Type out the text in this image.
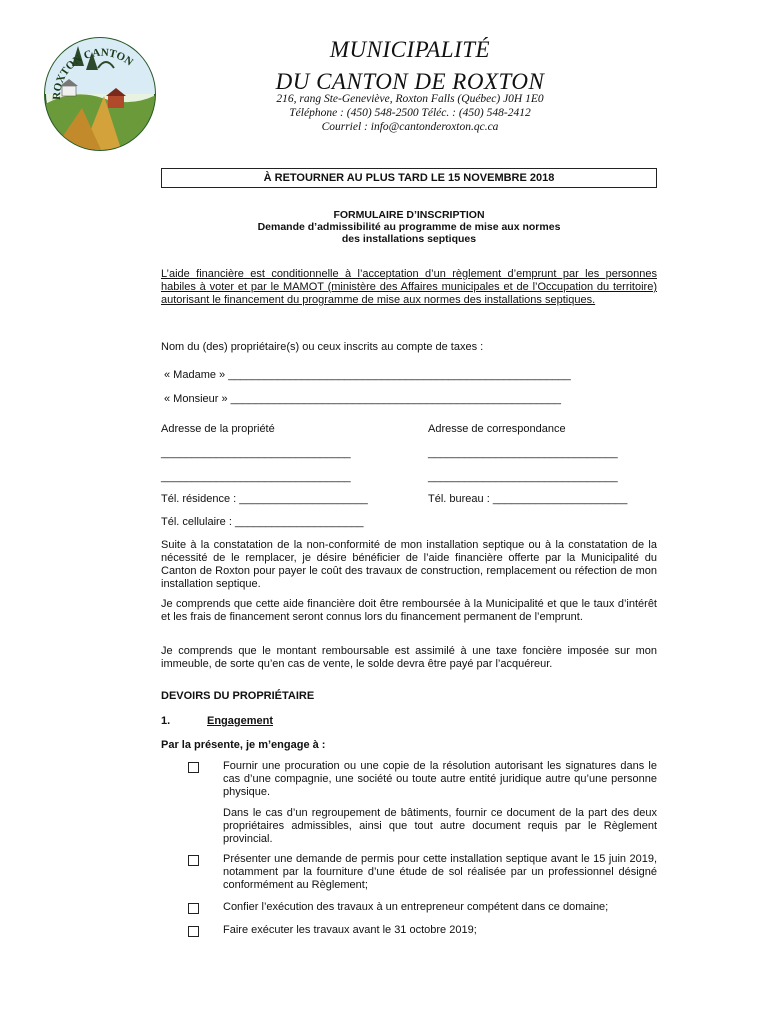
ROXTON CANTON	MUNICIPALITÉ
DU CANTON DE ROXTON
216, rang Ste-Geneviève, Roxton Falls (Québec) J0H 1E0
Téléphone : (450) 548-2500 Téléc. : (450) 548-2412
Courriel : info@cantonderoxton.qc.ca
À RETOURNER AU PLUS TARD LE 15 NOVEMBRE 2018
FORMULAIRE D’INSCRIPTION
Demande d’admissibilité au programme de mise aux normes
des installations septiques
L’aide financière est conditionnelle à l’acceptation d’un règlement d’emprunt par les personnes habiles à voter et par le MAMOT (ministère des Affaires municipales et de l’Occupation du territoire) autorisant le financement du programme de mise aux normes des installations septiques.
Nom du (des) propriétaire(s) ou ceux inscrits au compte de taxes :
« Madame » ________________________________________________________
« Monsieur » ______________________________________________________
Adresse de la propriété	Adresse de correspondance
_______________________________	_______________________________
_______________________________	_______________________________
Tél. résidence : _____________________	Tél. bureau : ______________________
Tél. cellulaire : _____________________
Suite à la constatation de la non-conformité de mon installation septique ou à la constatation de la nécessité de le remplacer, je désire bénéficier de l’aide financière offerte par la Municipalité du Canton de Roxton pour payer le coût des travaux de construction, remplacement ou réfection de mon installation septique.
Je comprends que cette aide financière doit être remboursée à la Municipalité et que le taux d’intérêt et les frais de financement seront connus lors du financement permanent de l’emprunt.
Je comprends que le montant remboursable est assimilé à une taxe foncière imposée sur mon immeuble, de sorte qu’en cas de vente, le solde devra être payé par l’acquéreur.
DEVOIRS DU PROPRIÉTAIRE
1.	Engagement
Par la présente, je m’engage à :
Fournir une procuration ou une copie de la résolution autorisant les signatures dans le cas d’une compagnie, une société ou toute autre entité juridique autre qu’une personne physique.
Dans le cas d’un regroupement de bâtiments, fournir ce document de la part des deux propriétaires admissibles, ainsi que tout autre document requis par le Règlement provincial.
Présenter une demande de permis pour cette installation septique avant le 15 juin 2019, notamment par la fourniture d’une étude de sol réalisée par un professionnel désigné conformément au Règlement;
Confier l’exécution des travaux à un entrepreneur compétent dans ce domaine;
Faire exécuter les travaux avant le 31 octobre 2019;
